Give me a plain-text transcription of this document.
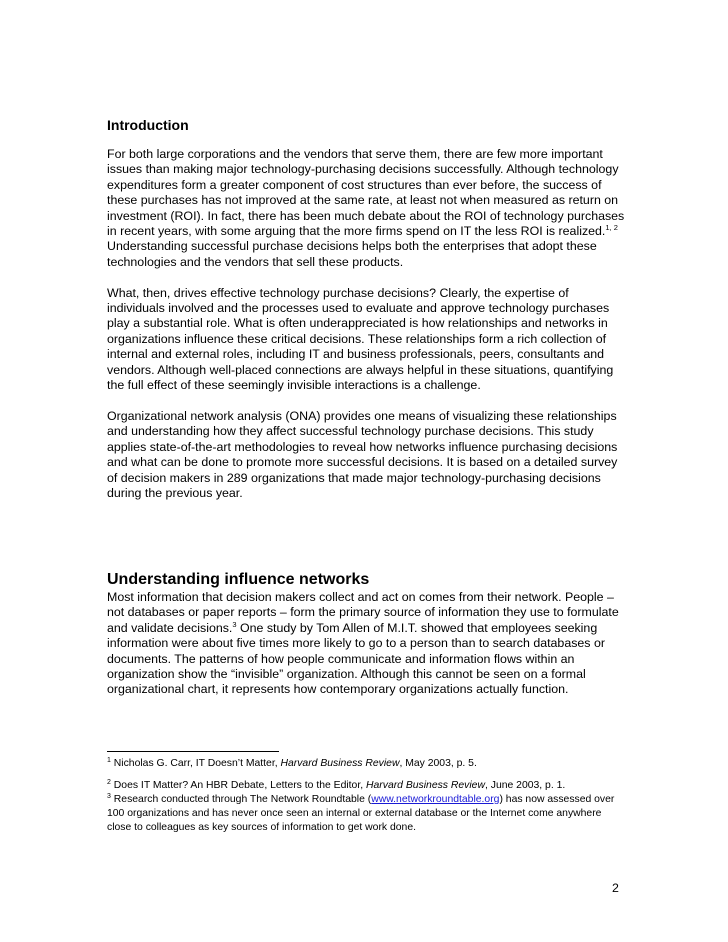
Introduction

For both large corporations and the vendors that serve them, there are few more important issues than making major technology-purchasing decisions successfully. Although technology expenditures form a greater component of cost structures than ever before, the success of these purchases has not improved at the same rate, at least not when measured as return on investment (ROI). In fact, there has been much debate about the ROI of technology purchases in recent years, with some arguing that the more firms spend on IT the less ROI is realized.$^{1, 2}$ Understanding successful purchase decisions helps both the enterprises that adopt these technologies and the vendors that sell these products.

What, then, drives effective technology purchase decisions? Clearly, the expertise of individuals involved and the processes used to evaluate and approve technology purchases play a substantial role. What is often underappreciated is how relationships and networks in organizations influence these critical decisions. These relationships form a rich collection of internal and external roles, including IT and business professionals, peers, consultants and vendors. Although well-placed connections are always helpful in these situations, quantifying the full effect of these seemingly invisible interactions is a challenge.

Organizational network analysis (ONA) provides one means of visualizing these relationships and understanding how they affect successful technology purchase decisions. This study applies state-of-the-art methodologies to reveal how networks influence purchasing decisions and what can be done to promote more successful decisions. It is based on a detailed survey of decision makers in 289 organizations that made major technology-purchasing decisions during the previous year.

Understanding influence networks

Most information that decision makers collect and act on comes from their network. People – not databases or paper reports – form the primary source of information they use to formulate and validate decisions.$^3$ One study by Tom Allen of M.I.T. showed that employees seeking information were about five times more likely to go to a person than to search databases or documents. The patterns of how people communicate and information flows within an organization show the “invisible” organization. Although this cannot be seen on a formal organizational chart, it represents how contemporary organizations actually function.

$^1$ Nicholas G. Carr, IT Doesn’t Matter, Harvard Business Review, May 2003, p. 5.

$^2$ Does IT Matter? An HBR Debate, Letters to the Editor, Harvard Business Review, June 2003, p. 1.

$^3$ Research conducted through The Network Roundtable (www.networkroundtable.org) has now assessed over 100 organizations and has never once seen an internal or external database or the Internet come anywhere close to colleagues as key sources of information to get work done.

2
